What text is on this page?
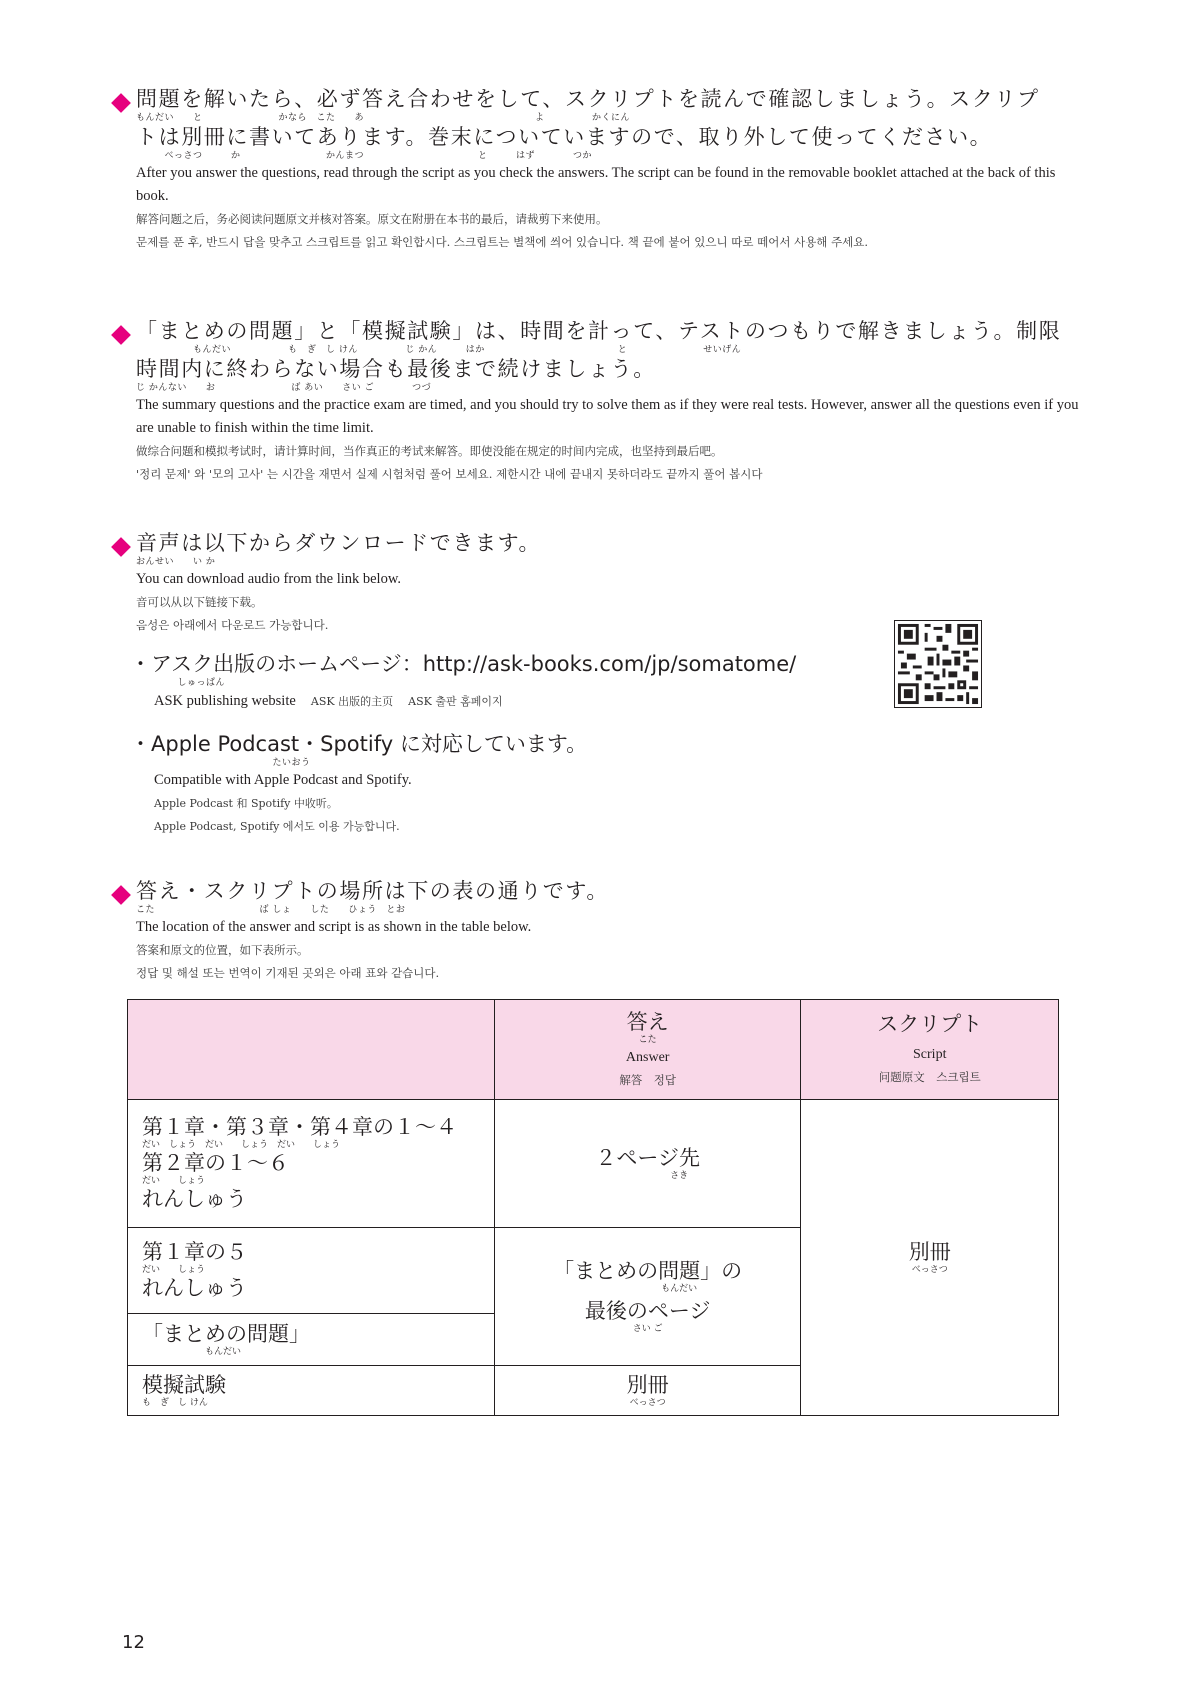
問題を解いたら、必ず答え合わせをして、スクリプトを読んで確認しましょう。スクリプ
もんだい　　と　　　　　　　　かなら　こた　　あ　　　　　　　　　　　　　　　　　　よ　　　　　かくにん
トは別冊に書いてあります。巻末についていますので、取り外して使ってください。
　　　べっさつ　　　か　　　　　　　　　かんまつ　　　　　　　　　　　　と　　　はず　　　　つか

After you answer the questions, read through the script as you check the answers. The script can be found in the removable booklet attached at the back of this book.

解答问题之后，务必阅读问题原文并核对答案。原文在附册在本书的最后，请裁剪下来使用。

문제를 푼 후, 반드시 답을 맞추고 스크립트를 읽고 확인합시다. 스크립트는 별책에 씌어 있습니다. 책 끝에 붙어 있으니 따로 떼어서 사용해 주세요.

「まとめの問題」と「模擬試験」は、時間を計って、テストのつもりで解きましょう。制限
　　　　　　もんだい　　　　　　も　ぎ　し けん　　　　　じ かん　　　はか　　　　　　　　　　　　　　と　　　　　　　　せいげん
時間内に終わらない場合も最後まで続けましょう。
じ かんない　　お　　　　　　　　ば あい　　さい ご　　　　つづ

The summary questions and the practice exam are timed, and you should try to solve them as if they were real tests. However, answer all the questions even if you are unable to finish within the time limit.

做综合问题和模拟考试时，请计算时间，当作真正的考试来解答。即使没能在规定的时间内完成，也坚持到最后吧。

'정리 문제' 와 '모의 고사' 는 시간을 재면서 실제 시험처럼 풀어 보세요. 제한시간 내에 끝내지 못하더라도 끝까지 풀어 봅시다

音声は以下からダウンロードできます。
おんせい　　い か

You can download audio from the link below.

音可以从以下链接下载。

음성은 아래에서 다운로드 가능합니다.

・アスク出版のホームページ：http://ask-books.com/jp/somatome/
　　　　　しゅっぱん
ASK publishing website ASK 出版的主页 ASK 출판 홈페이지
・Apple Podcast・Spotify に対応しています。
　　　　　　　　　　　　　　　たいおう
Compatible with Apple Podcast and Spotify.
Apple Podcast 和 Spotify 中收听。
Apple Podcast, Spotify 에서도 이용 가능합니다.
答え・スクリプトの場所は下の表の通りです。
こた　　　　　　　　　　　ば しょ　　した　　ひょう　とお

The location of the answer and script is as shown in the table below.

答案和原文的位置，如下表所示。

정답 및 해설 또는 번역이 기재된 곳외은 아래 표와 같습니다.

	答え
こた
Answer
解答　정답	スクリプト
Script
问题原文　스크립트

第１章・第３章・第４章の１～４
だい　しょう　だい　　しょう　だい　　しょう
第２章の１～６
だい　　しょう
れんしゅう	２ページ先
　　　　　　　さき	別冊
べっさつ

第１章の５
だい　　しょう
れんしゅう	「まとめの問題」の
　　　　　　　もんだい
最後のページ
さい ご	

「まとめの問題」
　　　　　　　もんだい		

模擬試験
も　ぎ　し けん	別冊
べっさつ	
12
